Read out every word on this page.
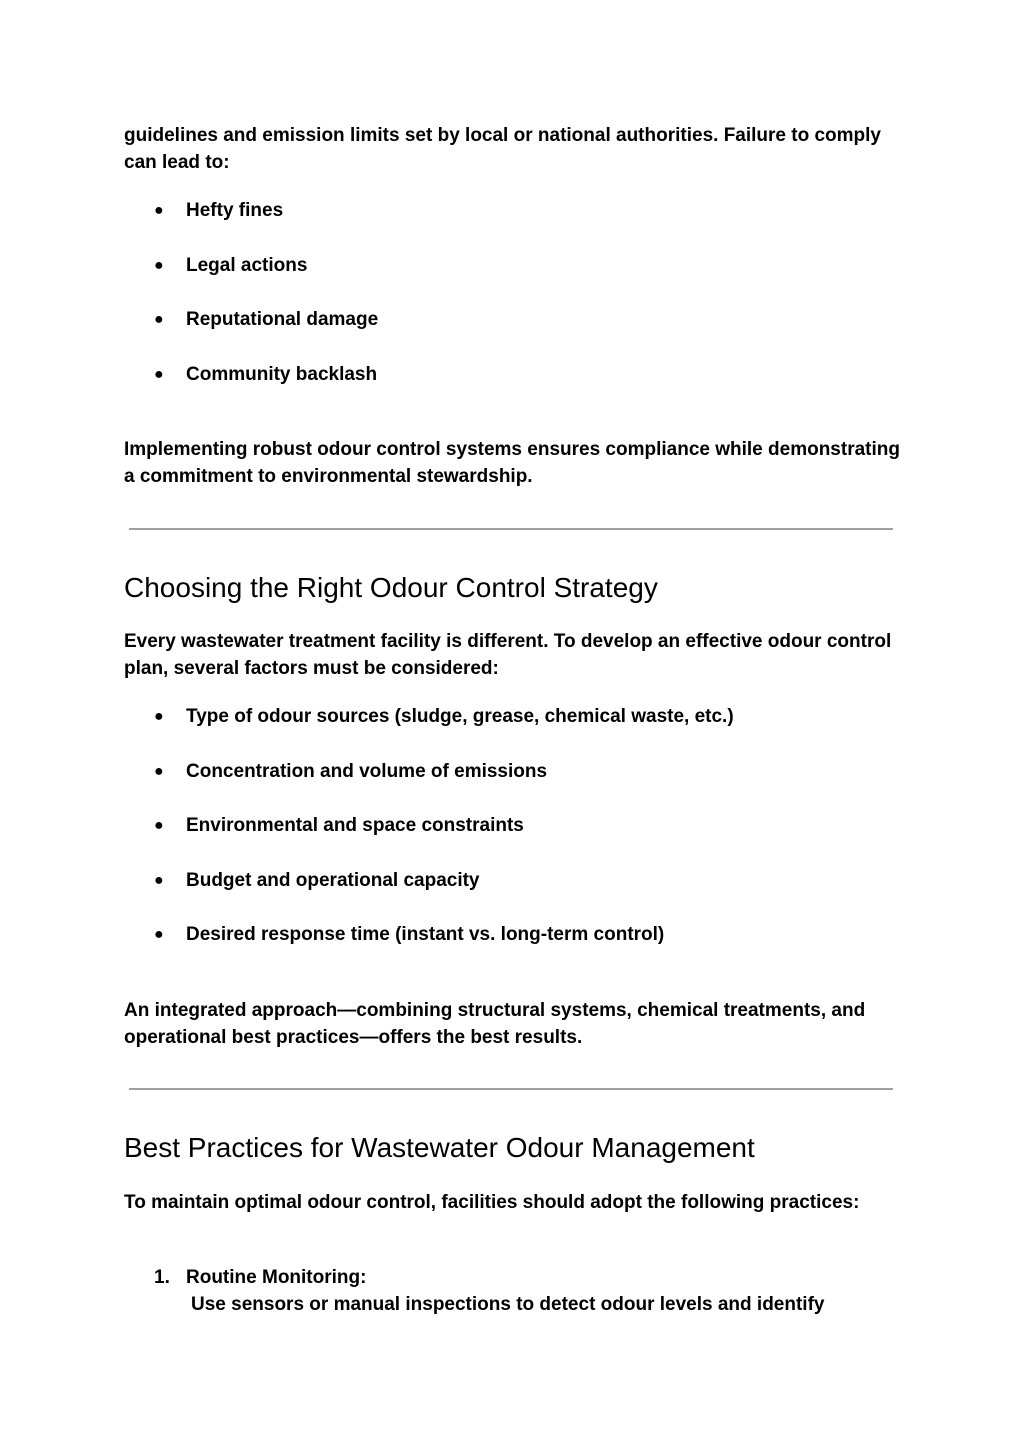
guidelines and emission limits set by local or national authorities. Failure to comply can lead to:

● Hefty fines
● Legal actions
● Reputational damage
● Community backlash

Implementing robust odour control systems ensures compliance while demonstrating a commitment to environmental stewardship.

Choosing the Right Odour Control Strategy

Every wastewater treatment facility is different. To develop an effective odour control plan, several factors must be considered:

● Type of odour sources (sludge, grease, chemical waste, etc.)
● Concentration and volume of emissions
● Environmental and space constraints
● Budget and operational capacity
● Desired response time (instant vs. long-term control)

An integrated approach—combining structural systems, chemical treatments, and operational best practices—offers the best results.

Best Practices for Wastewater Odour Management

To maintain optimal odour control, facilities should adopt the following practices:

1. Routine Monitoring:
Use sensors or manual inspections to detect odour levels and identify
